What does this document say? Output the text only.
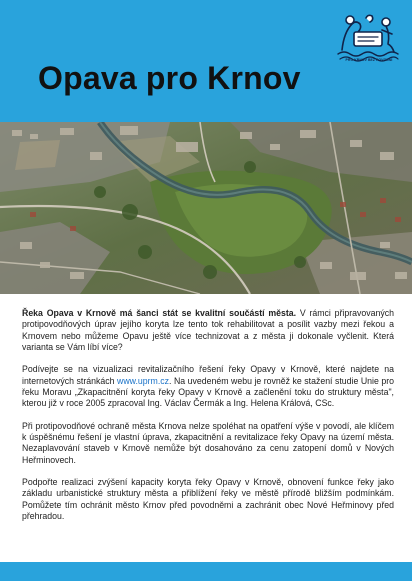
Opava pro Krnov	PRO KRNOV BEZ POVODNÍ

Řeka Opava v Krnově má šanci stát se kvalitní součástí města. V rámci připravovaných protipovodňových úprav jejího koryta lze tento tok rehabilitovat a posílit vazby mezi řekou a Krnovem nebo můžeme Opavu ještě více technizovat a z města ji dokonale vyčlenit. Která varianta se Vám líbí více?

Podívejte se na vizualizaci revitalizačního řešení řeky Opavy v Krnově, které najdete na internetových stránkách www.uprm.cz. Na uvedeném webu je rovněž ke stažení studie Unie pro řeku Moravu „Zkapacitnění koryta řeky Opavy v Krnově a začlenění toku do struktury města", kterou již v roce 2005 zpracoval Ing. Václav Čermák a Ing. Helena Králová, CSc.

Při protipovodňové ochraně města Krnova nelze spoléhat na opatření výše v povodí, ale klíčem k úspěšnému řešení je vlastní úprava, zkapacitnění a revitalizace řeky Opavy na území města. Nezaplavování staveb v Krnově nemůže být dosahováno za cenu zatopení domů v Nových Heřminovech.

Podpořte realizaci zvýšení kapacity koryta řeky Opavy v Krnově, obnovení funkce řeky jako základu urbanistické struktury města a přiblížení řeky ve městě přírodě bližším podmínkám. Pomůžete tím ochránit město Krnov před povodněmi a zachránit obec Nové Heřminovy před přehradou.
